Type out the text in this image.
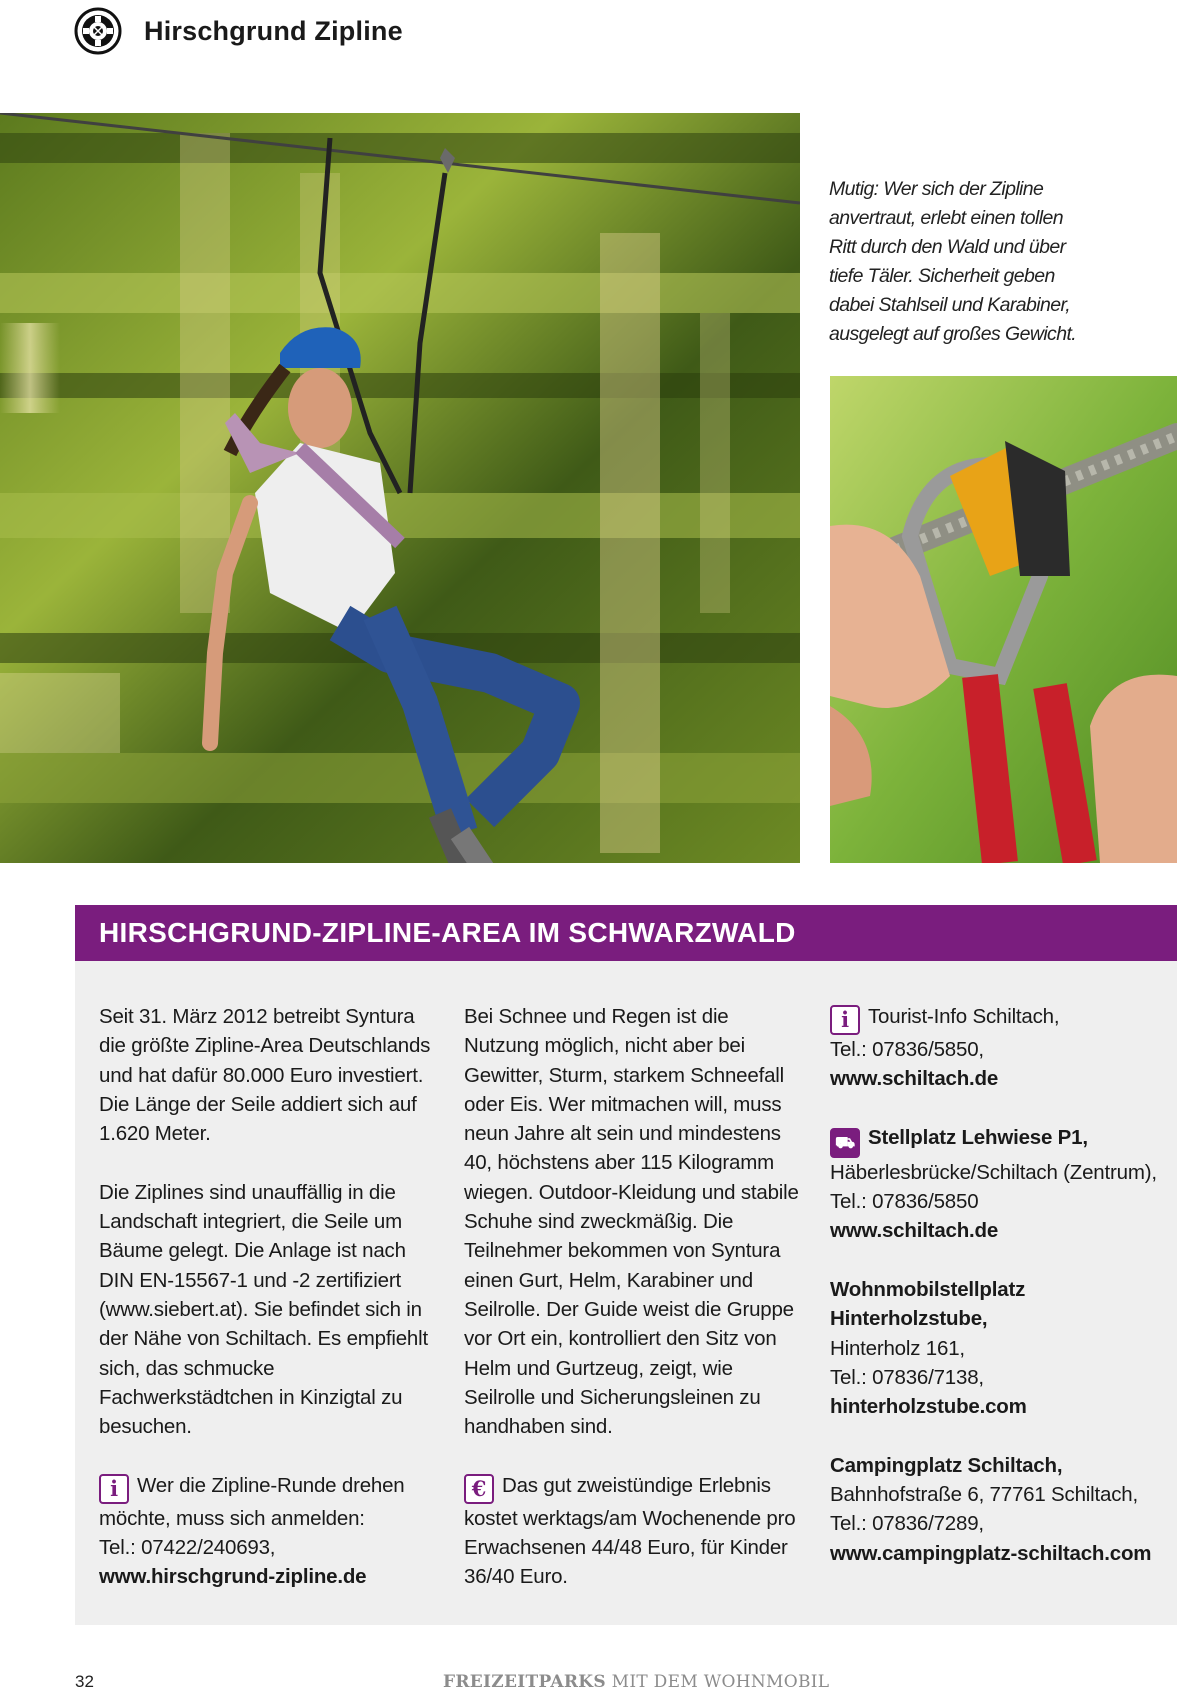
Hirschgrund Zipline
Mutig: Wer sich der Zipline anvertraut, erlebt einen tollen Ritt durch den Wald und über tiefe Täler. Sicherheit geben dabei Stahlseil und Karabiner, ausgelegt auf großes Gewicht.
HIRSCHGRUND-ZIPLINE-AREA IM SCHWARZWALD

Seit 31. März 2012 betreibt Syntura die größte Zipline-Area Deutschlands und hat dafür 80.000 Euro investiert. Die Länge der Seile addiert sich auf 1.620 Meter.

Die Ziplines sind unauffällig in die Landschaft integriert, die Seile um Bäume gelegt. Die Anlage ist nach DIN EN-15567-1 und -2 zertifiziert (www.siebert.at). Sie befindet sich in der Nähe von Schiltach. Es empfiehlt sich, das schmucke Fachwerkstädtchen in Kinzigtal zu besuchen.

i Wer die Zipline-Runde drehen möchte, muss sich anmelden:
Tel.: 07422/240693,
www.hirschgrund-zipline.de

Bei Schnee und Regen ist die Nutzung möglich, nicht aber bei Gewitter, Sturm, starkem Schneefall oder Eis. Wer mitmachen will, muss neun Jahre alt sein und mindestens 40, höchstens aber 115 Kilogramm wiegen. Outdoor-Kleidung und stabile Schuhe sind zweckmäßig. Die Teilnehmer bekommen von Syntura einen Gurt, Helm, Karabiner und Seilrolle. Der Guide weist die Gruppe vor Ort ein, kontrolliert den Sitz von Helm und Gurtzeug, zeigt, wie Seilrolle und Sicherungsleinen zu handhaben sind.

€ Das gut zweistündige Erlebnis kostet werktags/am Wochenende pro Erwachsenen 44/48 Euro, für Kinder 36/40 Euro.

i Tourist-Info Schiltach,
Tel.: 07836/5850,
www.schiltach.de

⛟ Stellplatz Lehwiese P1,
Häberlesbrücke/Schiltach (Zentrum), Tel.: 07836/5850
www.schiltach.de

Wohnmobilstellplatz Hinterholzstube,
Hinterholz 161,
Tel.: 07836/7138,
hinterholzstube.com

Campingplatz Schiltach,
Bahnhofstraße 6, 77761 Schiltach,
Tel.: 07836/7289,
www.campingplatz-schiltach.com

32	FREIZEITPARKS MIT DEM WOHNMOBIL
